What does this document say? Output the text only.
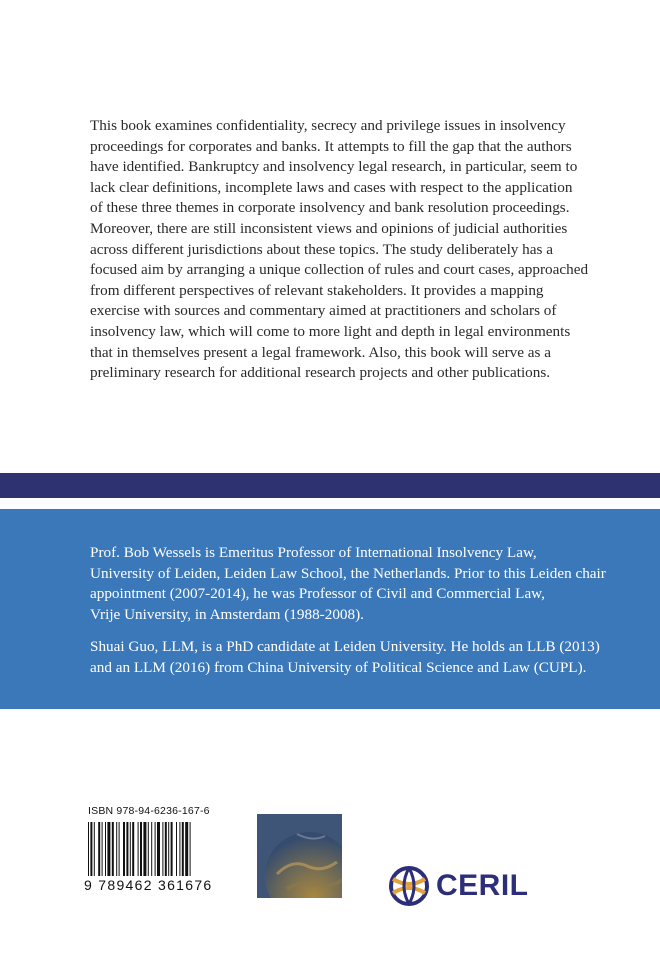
This book examines confidentiality, secrecy and privilege issues in insolvency
proceedings for corporates and banks. It attempts to fill the gap that the authors
have identified. Bankruptcy and insolvency legal research, in particular, seem to
lack clear definitions, incomplete laws and cases with respect to the application
of these three themes in corporate insolvency and bank resolution proceedings.
Moreover, there are still inconsistent views and opinions of judicial authorities
across different jurisdictions about these topics. The study deliberately has a
focused aim by arranging a unique collection of rules and court cases, approached
from different perspectives of relevant stakeholders. It provides a mapping
exercise with sources and commentary aimed at practitioners and scholars of
insolvency law, which will come to more light and depth in legal environments
that in themselves present a legal framework. Also, this book will serve as a
preliminary research for additional research projects and other publications.

Prof. Bob Wessels is Emeritus Professor of International Insolvency Law,
University of Leiden, Leiden Law School, the Netherlands. Prior to this Leiden chair
appointment (2007-2014), he was Professor of Civil and Commercial Law,
Vrije University, in Amsterdam (1988-2008).

Shuai Guo, LLM, is a PhD candidate at Leiden University. He holds an LLB (2013)
and an LLM (2016) from China University of Political Science and Law (CUPL).

ISBN 978-94-6236-167-6
9 789462 361676	CERIL
